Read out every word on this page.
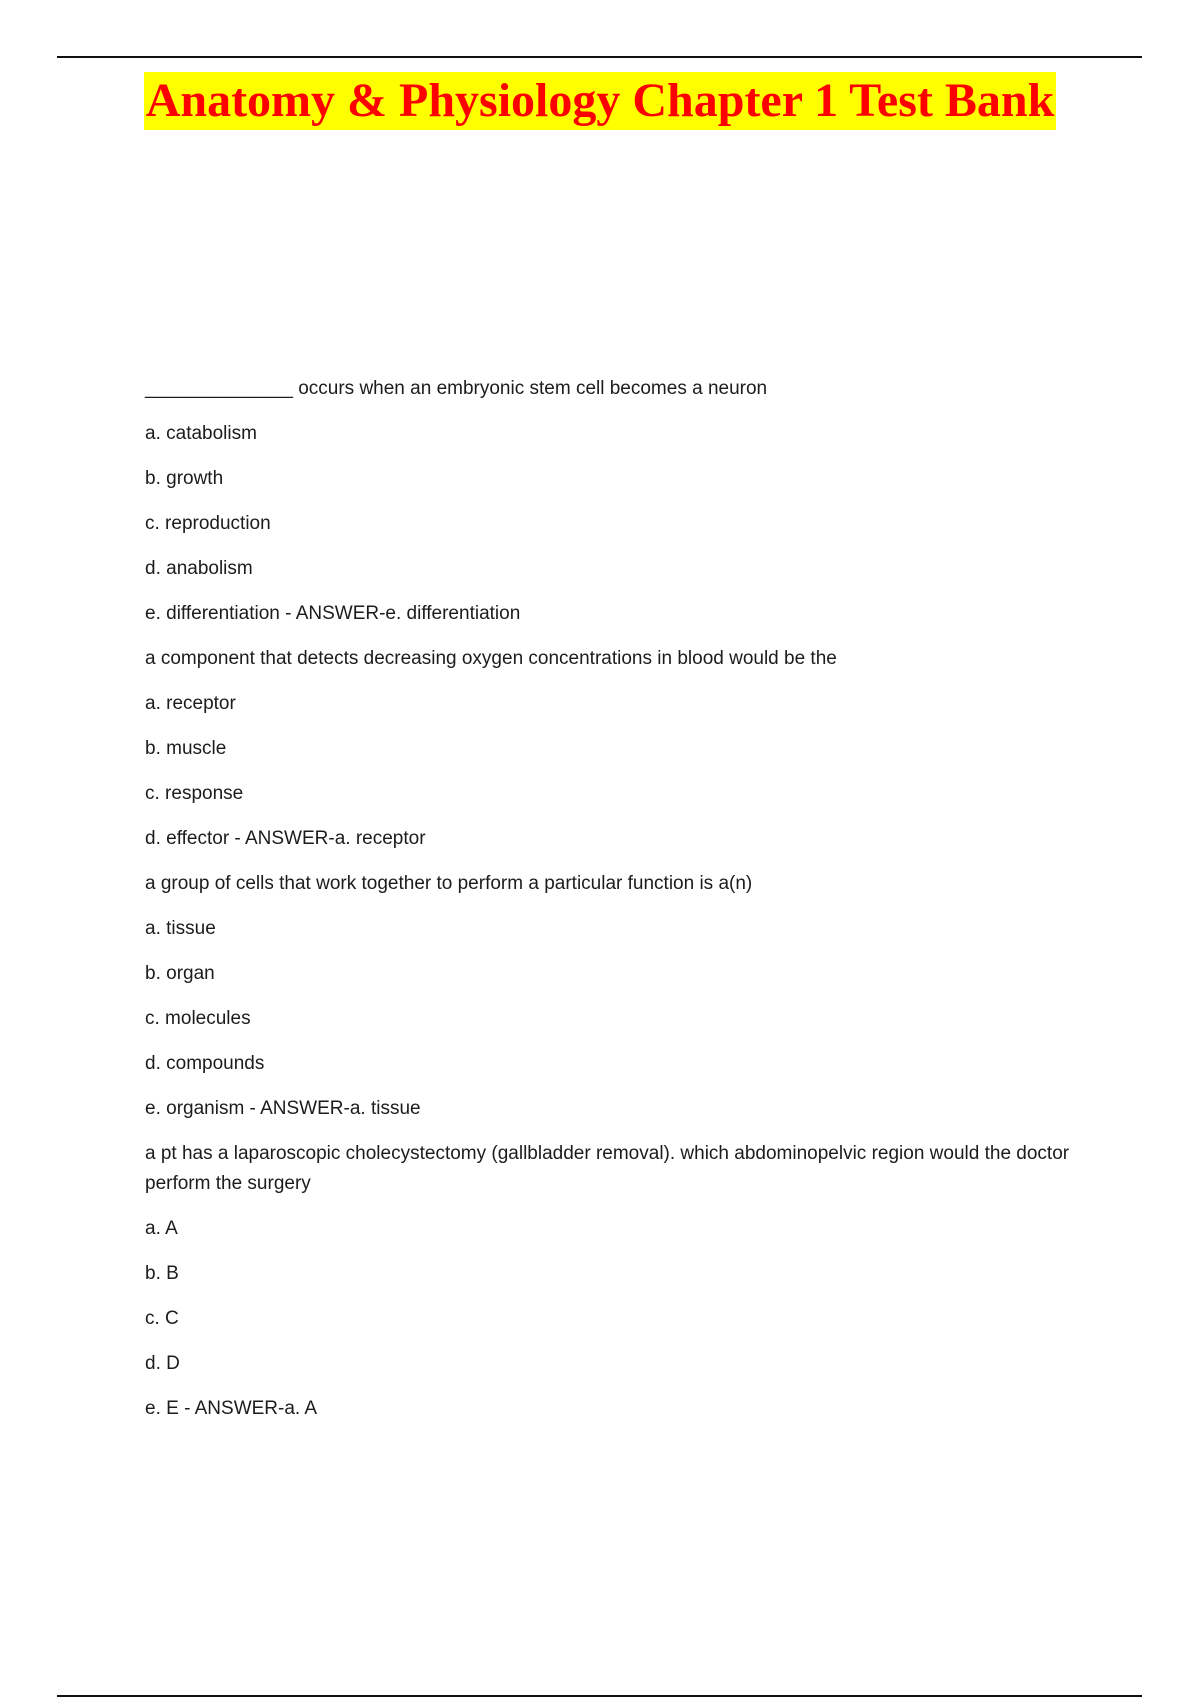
Anatomy & Physiology Chapter 1 Test Bank

______________ occurs when an embryonic stem cell becomes a neuron

a. catabolism

b. growth

c. reproduction

d. anabolism

e. differentiation - ANSWER-e. differentiation

a component that detects decreasing oxygen concentrations in blood would be the

a. receptor

b. muscle

c. response

d. effector - ANSWER-a. receptor

a group of cells that work together to perform a particular function is a(n)

a. tissue

b. organ

c. molecules

d. compounds

e. organism - ANSWER-a. tissue

a pt has a laparoscopic cholecystectomy (gallbladder removal). which abdominopelvic region would the doctor perform the surgery

a. A

b. B

c. C

d. D

e. E - ANSWER-a. A
